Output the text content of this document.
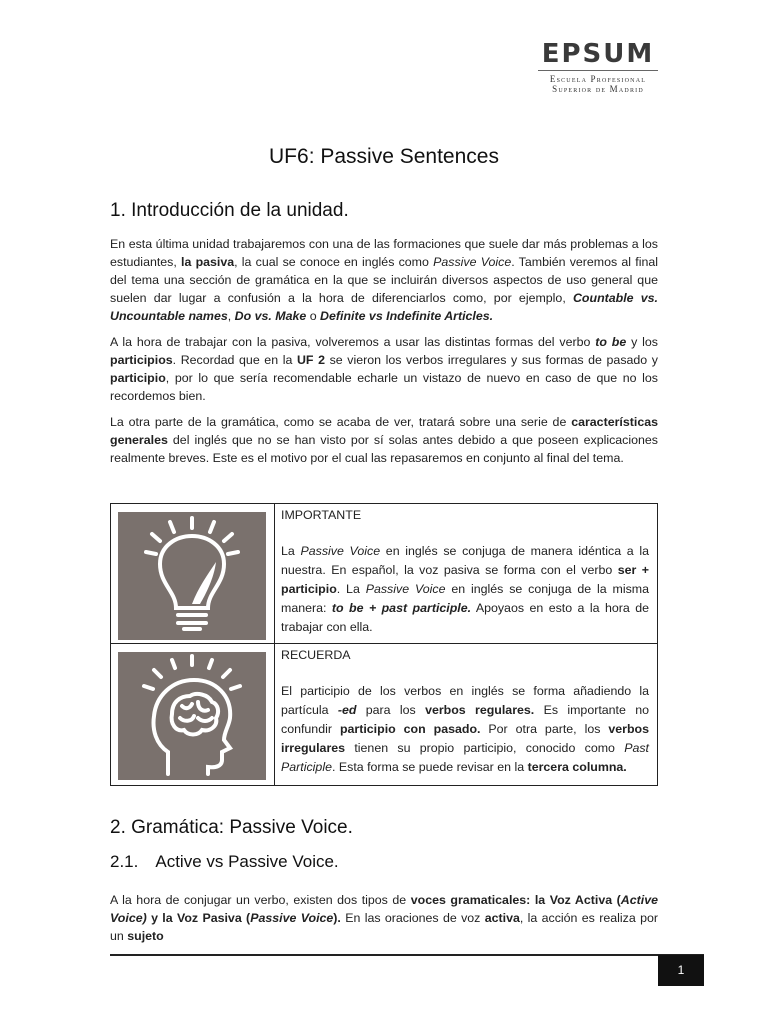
EPSUM
Escuela Profesional
Superior de Madrid
UF6: Passive Sentences
1. Introducción de la unidad.

En esta última unidad trabajaremos con una de las formaciones que suele dar más problemas a los estudiantes, la pasiva, la cual se conoce en inglés como Passive Voice. También veremos al final del tema una sección de gramática en la que se incluirán diversos aspectos de uso general que suelen dar lugar a confusión a la hora de diferenciarlos como, por ejemplo, Countable vs. Uncountable names, Do vs. Make o Definite vs Indefinite Articles.

A la hora de trabajar con la pasiva, volveremos a usar las distintas formas del verbo to be y los participios. Recordad que en la UF 2 se vieron los verbos irregulares y sus formas de pasado y participio, por lo que sería recomendable echarle un vistazo de nuevo en caso de que no los recordemos bien.

La otra parte de la gramática, como se acaba de ver, tratará sobre una serie de características generales del inglés que no se han visto por sí solas antes debido a que poseen explicaciones realmente breves. Este es el motivo por el cual las repasaremos en conjunto al final del tema.

IMPORTANTE
La Passive Voice en inglés se conjuga de manera idéntica a la nuestra. En español, la voz pasiva se forma con el verbo ser + participio. La Passive Voice en inglés se conjuga de la misma manera: to be + past participle. Apoyaos en esto a la hora de trabajar con ella.
RECUERDA
El participio de los verbos en inglés se forma añadiendo la partícula -ed para los verbos regulares. Es importante no confundir participio con pasado. Por otra parte, los verbos irregulares tienen su propio participio, conocido como Past Participle. Esta forma se puede revisar en la tercera columna.
2. Gramática: Passive Voice.
2.1. Active vs Passive Voice.

A la hora de conjugar un verbo, existen dos tipos de voces gramaticales: la Voz Activa (Active Voice) y la Voz Pasiva (Passive Voice). En las oraciones de voz activa, la acción es realiza por un sujeto

1
